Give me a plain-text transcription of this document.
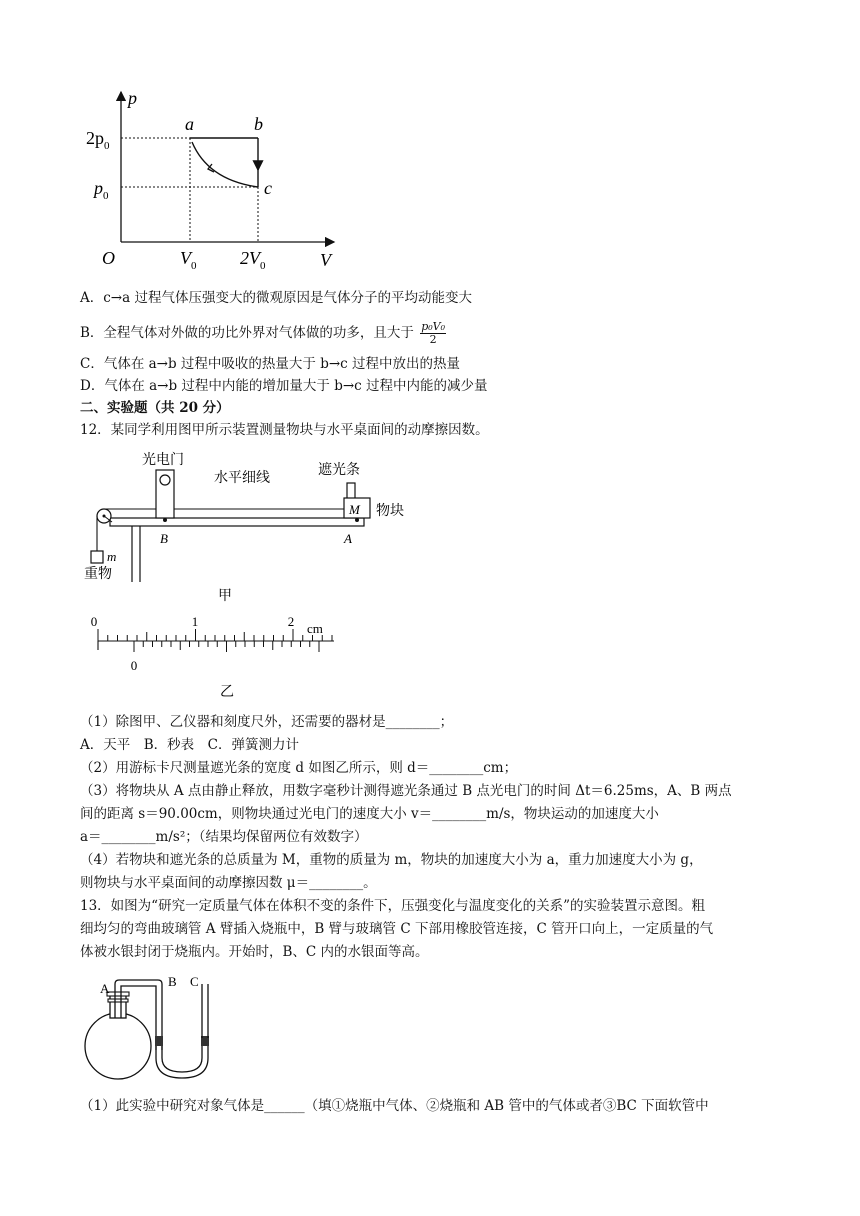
p
V
O
$2p_0$
$p_0$
$V_0$ $2V_0$
a	b
c
A．c→a 过程气体压强变大的微观原因是气体分子的平均动能变大
B．全程气体对外做的功比外界对气体做的功多，且大于 $\frac{\text{p₀V₀}}{2}$
C．气体在 a→b 过程中吸收的热量大于 b→c 过程中放出的热量
D．气体在 a→b 过程中内能的增加量大于 b→c 过程中内能的减少量
二、实验题（共 20 分）
12．某同学利用图甲所示装置测量物块与水平桌面间的动摩擦因数。
光电门
水平细线
遮光条
物块
M
B	A
m
重物
甲
0	1	2 cm
0
乙
（1）除图甲、乙仪器和刻度尺外，还需要的器材是________；
A．天平　B．秒表　C．弹簧测力计
（2）用游标卡尺测量遮光条的宽度 d 如图乙所示，则 d＝________cm；
（3）将物块从 A 点由静止释放，用数字毫秒计测得遮光条通过 B 点光电门的时间 Δt＝6.25ms，A、B 两点
间的距离 s＝90.00cm，则物块通过光电门的速度大小 v＝________m/s，物块运动的加速度大小
a＝________m/s²；（结果均保留两位有效数字）
（4）若物块和遮光条的总质量为 M，重物的质量为 m，物块的加速度大小为 a，重力加速度大小为 g，
则物块与水平桌面间的动摩擦因数 μ＝________。
13．如图为“研究一定质量气体在体积不变的条件下，压强变化与温度变化的关系”的实验装置示意图。粗
细均匀的弯曲玻璃管 A 臂插入烧瓶中，B 臂与玻璃管 C 下部用橡胶管连接，C 管开口向上，一定质量的气
体被水银封闭于烧瓶内。开始时，B、C 内的水银面等高。
A	B C
（1）此实验中研究对象气体是______（填①烧瓶中气体、②烧瓶和 AB 管中的气体或者③BC 下面软管中
